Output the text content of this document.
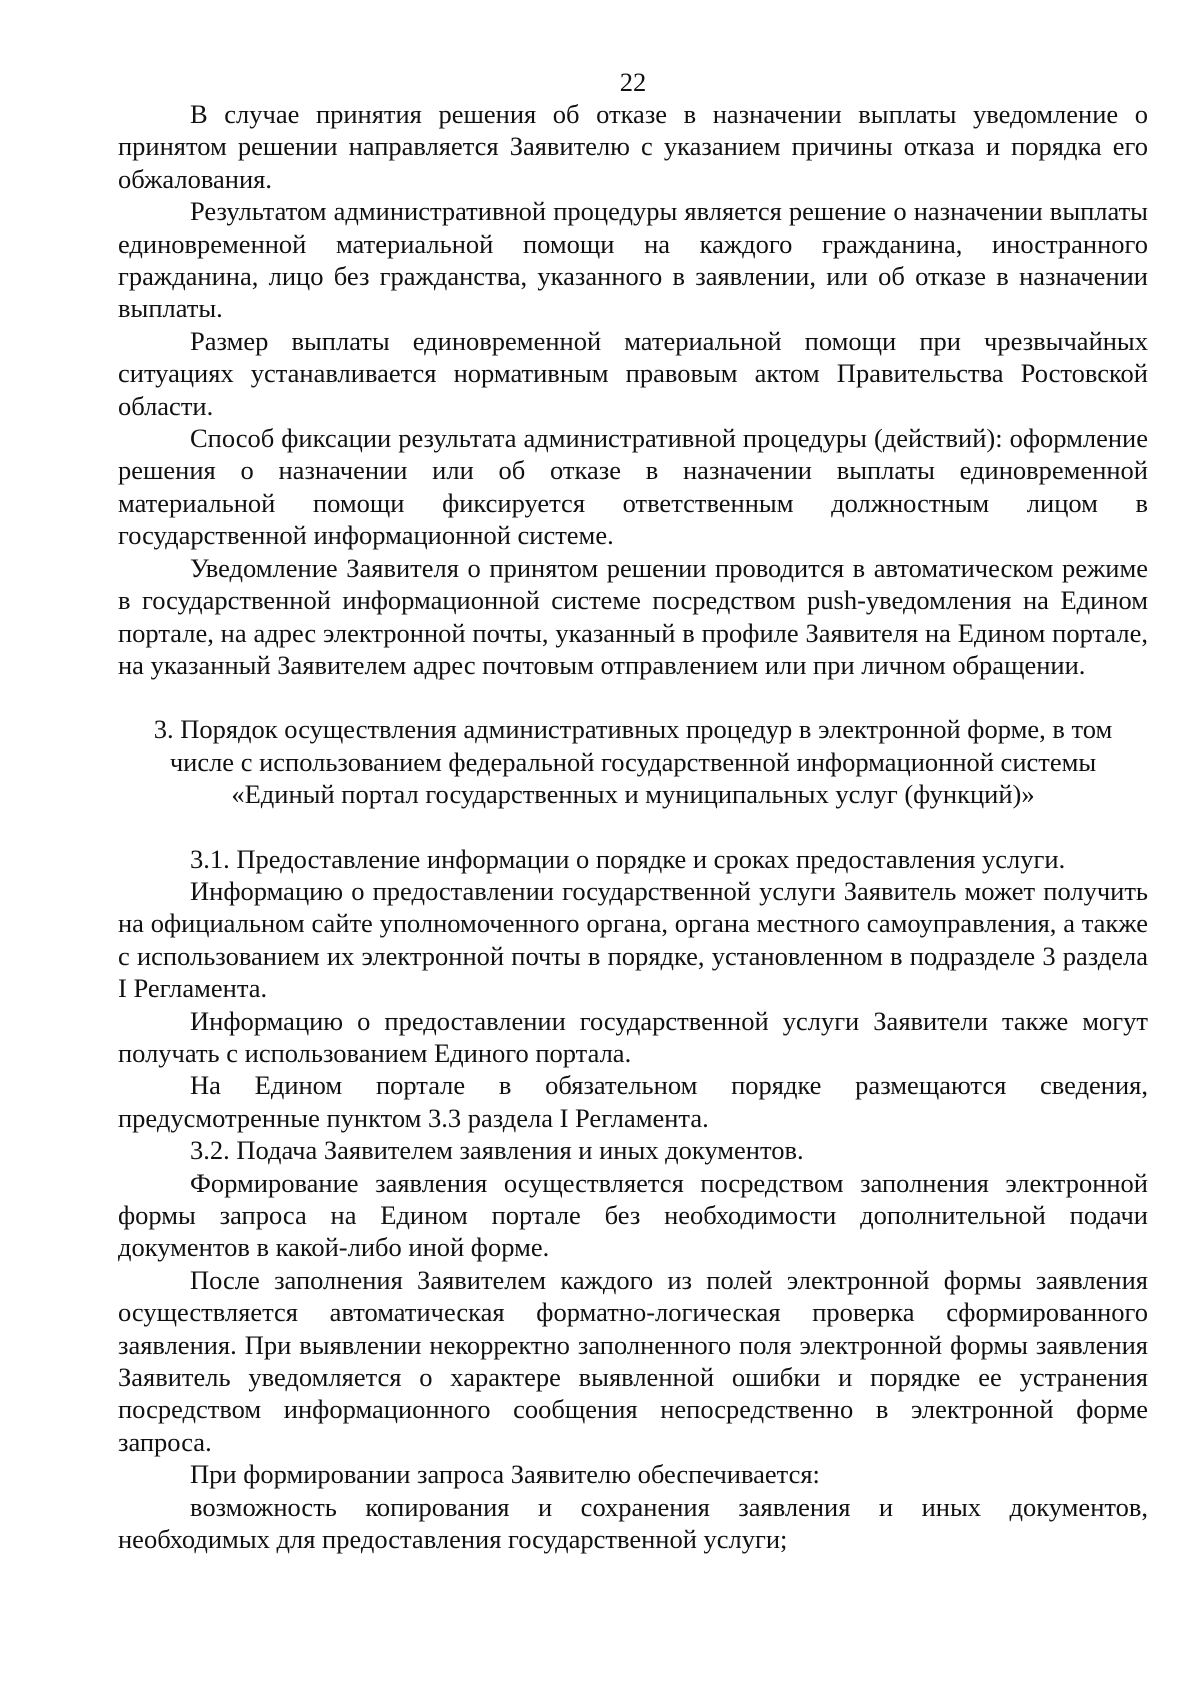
22

В случае принятия решения об отказе в назначении выплаты уведомление о принятом решении направляется Заявителю с указанием причины отказа и порядка его обжалования.

Результатом административной процедуры является решение о назначении выплаты единовременной материальной помощи на каждого гражданина, иностранного гражданина, лицо без гражданства, указанного в заявлении, или об отказе в назначении выплаты.

Размер выплаты единовременной материальной помощи при чрезвычайных ситуациях устанавливается нормативным правовым актом Правительства Ростовской области.

Способ фиксации результата административной процедуры (действий): оформление решения о назначении или об отказе в назначении выплаты единовременной материальной помощи фиксируется ответственным должностным лицом в государственной информационной системе.

Уведомление Заявителя о принятом решении проводится в автоматическом режиме в государственной информационной системе посредством push-уведомления на Едином портале, на адрес электронной почты, указанный в профиле Заявителя на Едином портале, на указанный Заявителем адрес почтовым отправлением или при личном обращении.

3. Порядок осуществления административных процедур в электронной форме, в том
числе с использованием федеральной государственной информационной системы
«Единый портал государственных и муниципальных услуг (функций)»

3.1. Предоставление информации о порядке и сроках предоставления услуги.

Информацию о предоставлении государственной услуги Заявитель может получить на официальном сайте уполномоченного органа, органа местного самоуправления, а также с использованием их электронной почты в порядке, установленном в подразделе 3 раздела I Регламента.

Информацию о предоставлении государственной услуги Заявители также могут получать с использованием Единого портала.

На Едином портале в обязательном порядке размещаются сведения, предусмотренные пунктом 3.3 раздела I Регламента.

3.2. Подача Заявителем заявления и иных документов.

Формирование заявления осуществляется посредством заполнения электронной формы запроса на Едином портале без необходимости дополнительной подачи документов в какой-либо иной форме.

После заполнения Заявителем каждого из полей электронной формы заявления осуществляется автоматическая форматно-логическая проверка сформированного заявления. При выявлении некорректно заполненного поля электронной формы заявления Заявитель уведомляется о характере выявленной ошибки и порядке ее устранения посредством информационного сообщения непосредственно в электронной форме запроса.

При формировании запроса Заявителю обеспечивается:

возможность копирования и сохранения заявления и иных документов, необходимых для предоставления государственной услуги;
